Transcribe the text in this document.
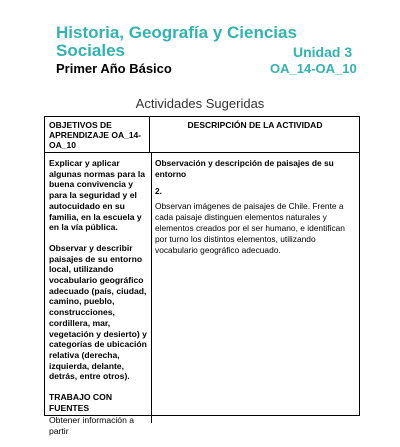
Historia, Geografía y Ciencias Sociales	Unidad 3
Primer Año Básico	OA_14-OA_10
Actividades Sugeridas
OBJETIVOS DE APRENDIZAJE OA_14- OA_10
DESCRIPCIÓN DE LA ACTIVIDAD

Explicar y aplicar algunas normas para la buena convivencia y para la seguridad y el autocuidado en su familia, en la escuela y en la vía pública.

Observar y describir paisajes de su entorno local, utilizando vocabulario geográfico adecuado (país, ciudad, camino, pueblo, construcciones, cordillera, mar, vegetación y desierto) y categorías de ubicación relativa (derecha, izquierda, delante, detrás, entre otros).

TRABAJO CON FUENTES

Obtener información a partir

Observación y descripción de paisajes de su entorno

2.

Observan imágenes de paisajes de Chile. Frente a cada paisaje distinguen elementos naturales y elementos creados por el ser humano, e identifican por turno los distintos elementos, utilizando vocabulario geográfico adecuado.
